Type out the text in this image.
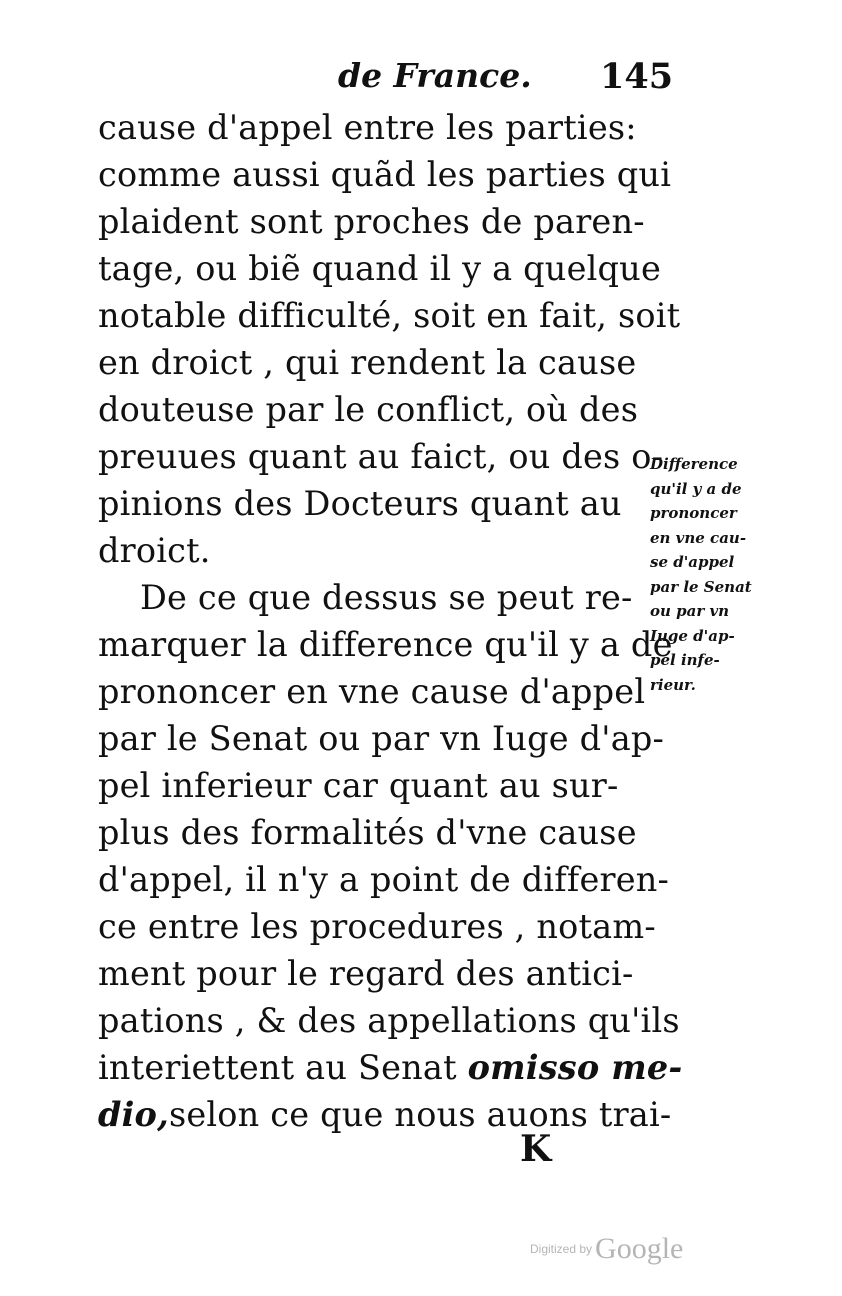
de France. 145
cause d'appel entre les parties:
comme aussi quãd les parties qui
plaident sont proches de paren-
tage, ou biẽ quand il y a quelque
notable difficulté, soit en fait, soit
en droict , qui rendent la cause
douteuse par le conflict, où des
preuues quant au faict, ou des o-
pinions des Docteurs quant au
droict.
De ce que dessus se peut re-
marquer la difference qu'il y a de
prononcer en vne cause d'appel
par le Senat ou par vn Iuge d'ap-
pel inferieur car quant au sur-
plus des formalités d'vne cause
d'appel, il n'y a point de differen-
ce entre les procedures , notam-
ment pour le regard des antici-
pations , & des appellations qu'ils
interiettent au Senat omisso me-
dio,selon ce que nous auons trai-
Difference
qu'il y a de
prononcer
en vne cau-
se d'appel
par le Senat
ou par vn
Iuge d'ap-
pel infe-
rieur.
K
Digitized by Google
